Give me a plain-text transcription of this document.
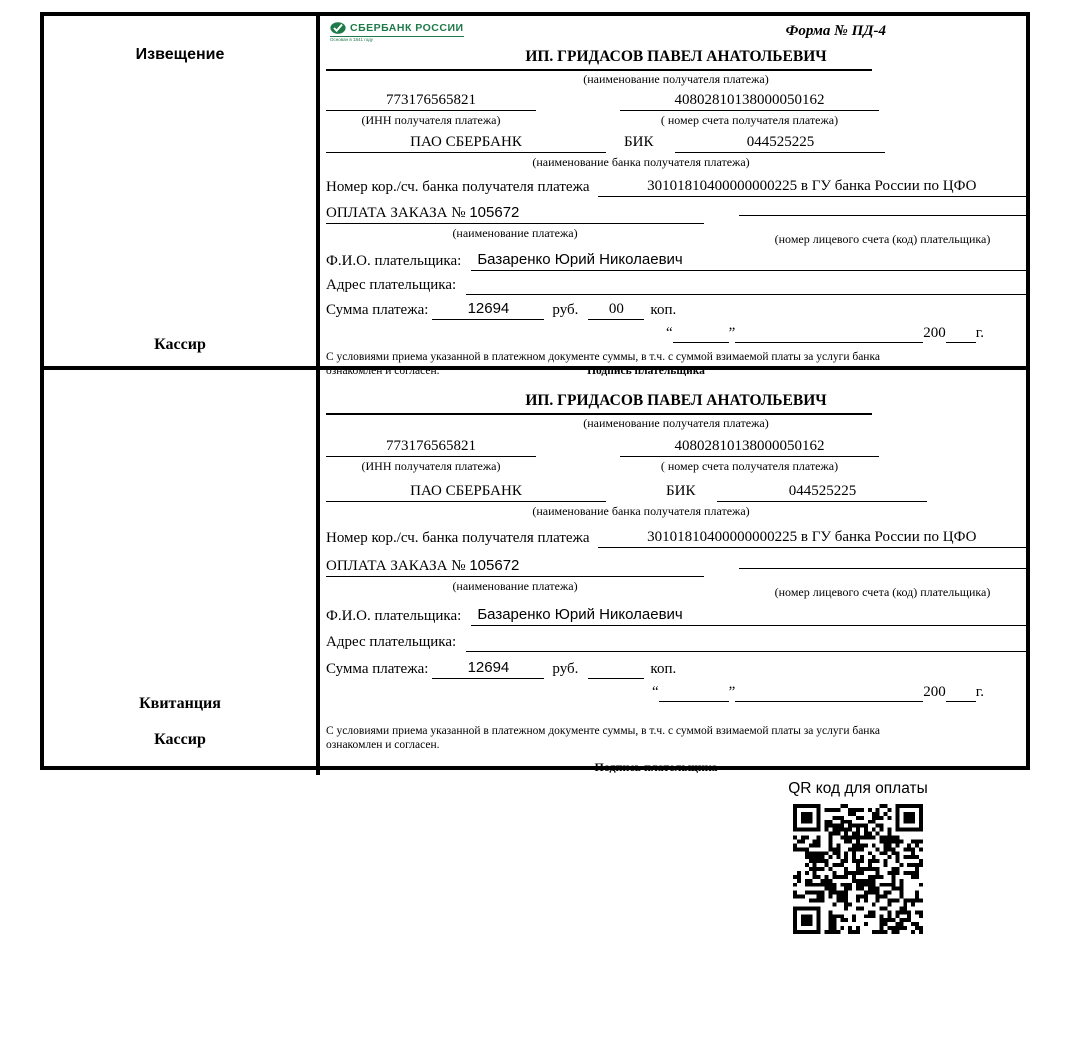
Извещение
Кассир
СБЕРБАНК РОССИИ
Основан в 1841 году
Форма № ПД-4
ИП. ГРИДАСОВ ПАВЕЛ АНАТОЛЬЕВИЧ
(наименование получателя платежа)
773176565821
(ИНН получателя платежа)
40802810138000050162
( номер счета получателя платежа)
ПАО СБЕРБАНК	БИК	044525225
(наименование банка получателя платежа)
Номер кор./сч. банка получателя платежа	30101810400000000225 в ГУ банка России по ЦФО
ОПЛАТА ЗАКАЗА № 105672
(наименование платежа)	(номер лицевого счета (код) плательщика)
Ф.И.О. плательщика:	Базаренко Юрий Николаевич
Адрес плательщика:
Сумма платежа:	12694	руб.	00	коп.
“	”	200 г.
С условиями приема указанной в платежном документе суммы, в т.ч. с суммой взимаемой платы за услуги банка
ознакомлен и согласен.	Подпись плательщика
Квитанция
Кассир
ИП. ГРИДАСОВ ПАВЕЛ АНАТОЛЬЕВИЧ
(наименование получателя платежа)
773176565821
(ИНН получателя платежа)
40802810138000050162
( номер счета получателя платежа)
ПАО СБЕРБАНК	БИК	044525225
(наименование банка получателя платежа)
Номер кор./сч. банка получателя платежа	30101810400000000225 в ГУ банка России по ЦФО
ОПЛАТА ЗАКАЗА № 105672
(наименование платежа)	(номер лицевого счета (код) плательщика)
Ф.И.О. плательщика:	Базаренко Юрий Николаевич
Адрес плательщика:
Сумма платежа:	12694	руб.	коп.
“	”	200 г.
С условиями приема указанной в платежном документе суммы, в т.ч. с суммой взимаемой платы за услуги банка
ознакомлен и согласен.
Подпись плательщика
QR код для оплаты
